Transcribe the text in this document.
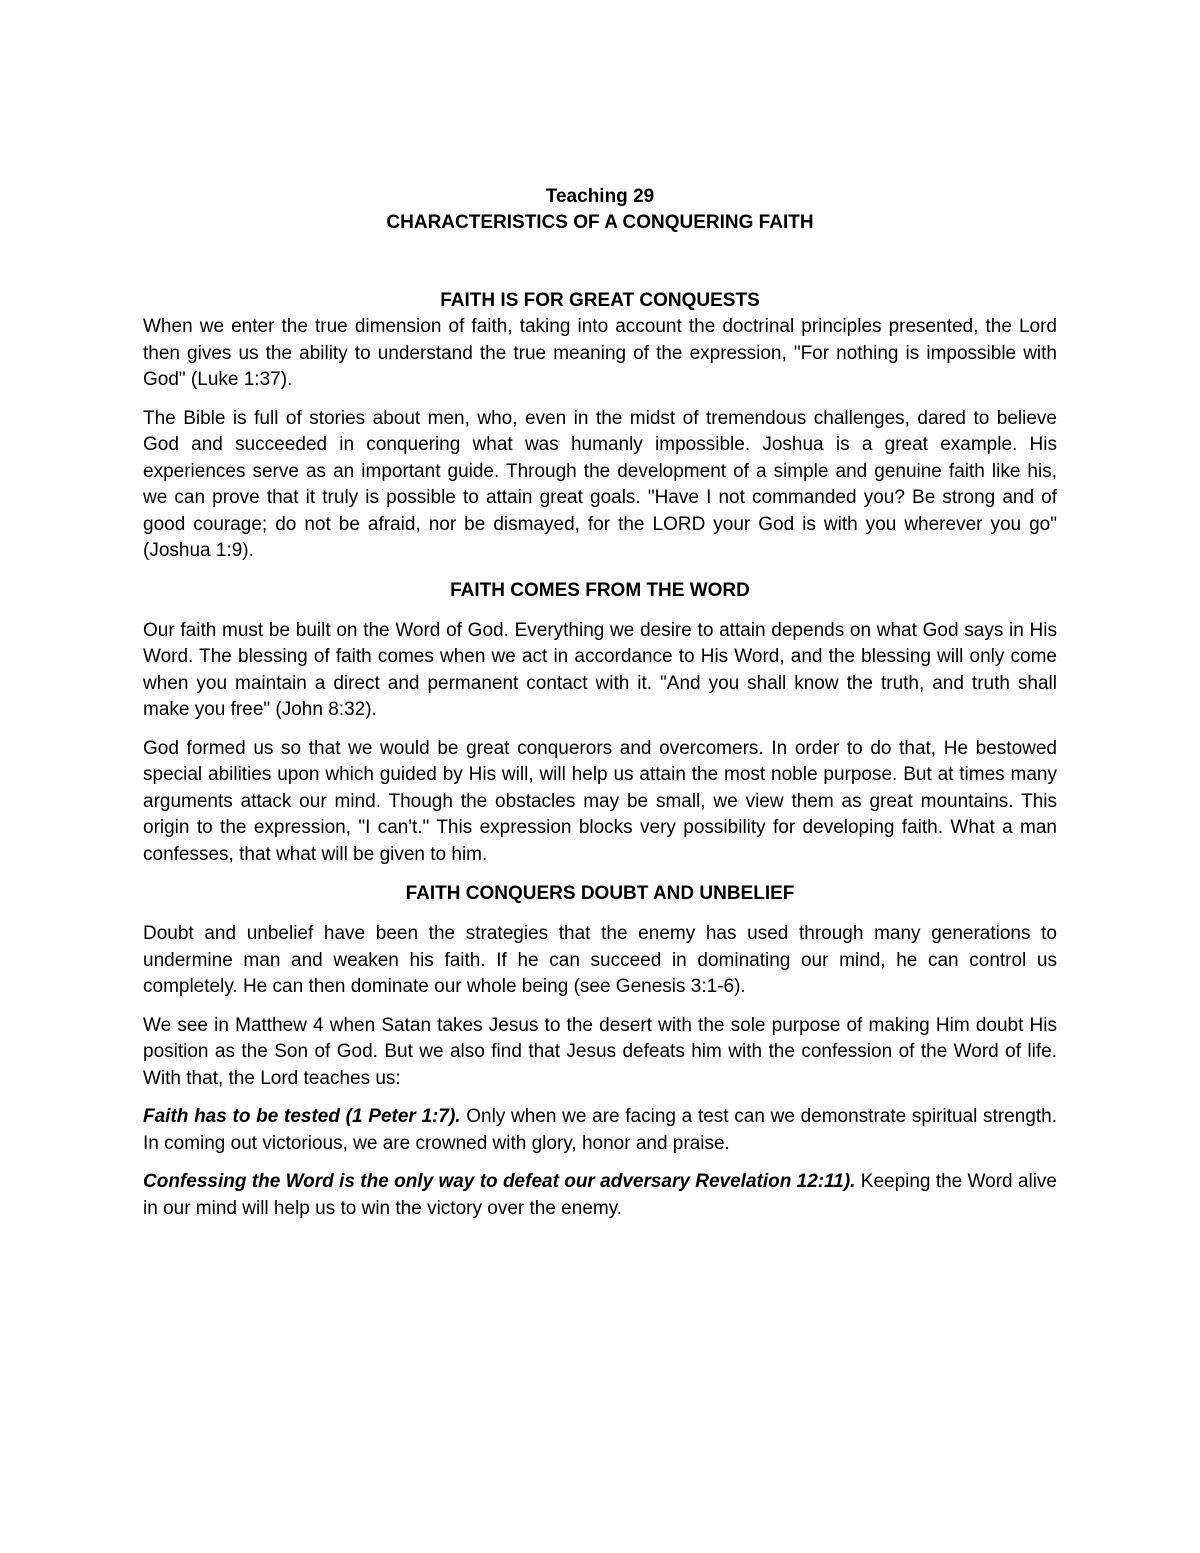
Teaching 29
CHARACTERISTICS OF A CONQUERING FAITH
FAITH IS FOR GREAT CONQUESTS

When we enter the true dimension of faith, taking into account the doctrinal principles presented, the Lord then gives us the ability to understand the true meaning of the expression, "For nothing is impossible with God" (Luke 1:37).

The Bible is full of stories about men, who, even in the midst of tremendous challenges, dared to believe God and succeeded in conquering what was humanly impossible. Joshua is a great example. His experiences serve as an important guide. Through the development of a simple and genuine faith like his, we can prove that it truly is possible to attain great goals. "Have I not commanded you? Be strong and of good courage; do not be afraid, nor be dismayed, for the LORD your God is with you wherever you go" (Joshua 1:9).

FAITH COMES FROM THE WORD

Our faith must be built on the Word of God. Everything we desire to attain depends on what God says in His Word. The blessing of faith comes when we act in accordance to His Word, and the blessing will only come when you maintain a direct and permanent contact with it. "And you shall know the truth, and truth shall make you free" (John 8:32).

God formed us so that we would be great conquerors and overcomers. In order to do that, He bestowed special abilities upon which guided by His will, will help us attain the most noble purpose. But at times many arguments attack our mind. Though the obstacles may be small, we view them as great mountains. This origin to the expression, "I can't." This expression blocks very possibility for developing faith. What a man confesses, that what will be given to him.

FAITH CONQUERS DOUBT AND UNBELIEF

Doubt and unbelief have been the strategies that the enemy has used through many generations to undermine man and weaken his faith. If he can succeed in dominating our mind, he can control us completely. He can then dominate our whole being (see Genesis 3:1-6).

We see in Matthew 4 when Satan takes Jesus to the desert with the sole purpose of making Him doubt His position as the Son of God. But we also find that Jesus defeats him with the confession of the Word of life. With that, the Lord teaches us:

Faith has to be tested (1 Peter 1:7). Only when we are facing a test can we demonstrate spiritual strength. In coming out victorious, we are crowned with glory, honor and praise.

Confessing the Word is the only way to defeat our adversary Revelation 12:11). Keeping the Word alive in our mind will help us to win the victory over the enemy.
